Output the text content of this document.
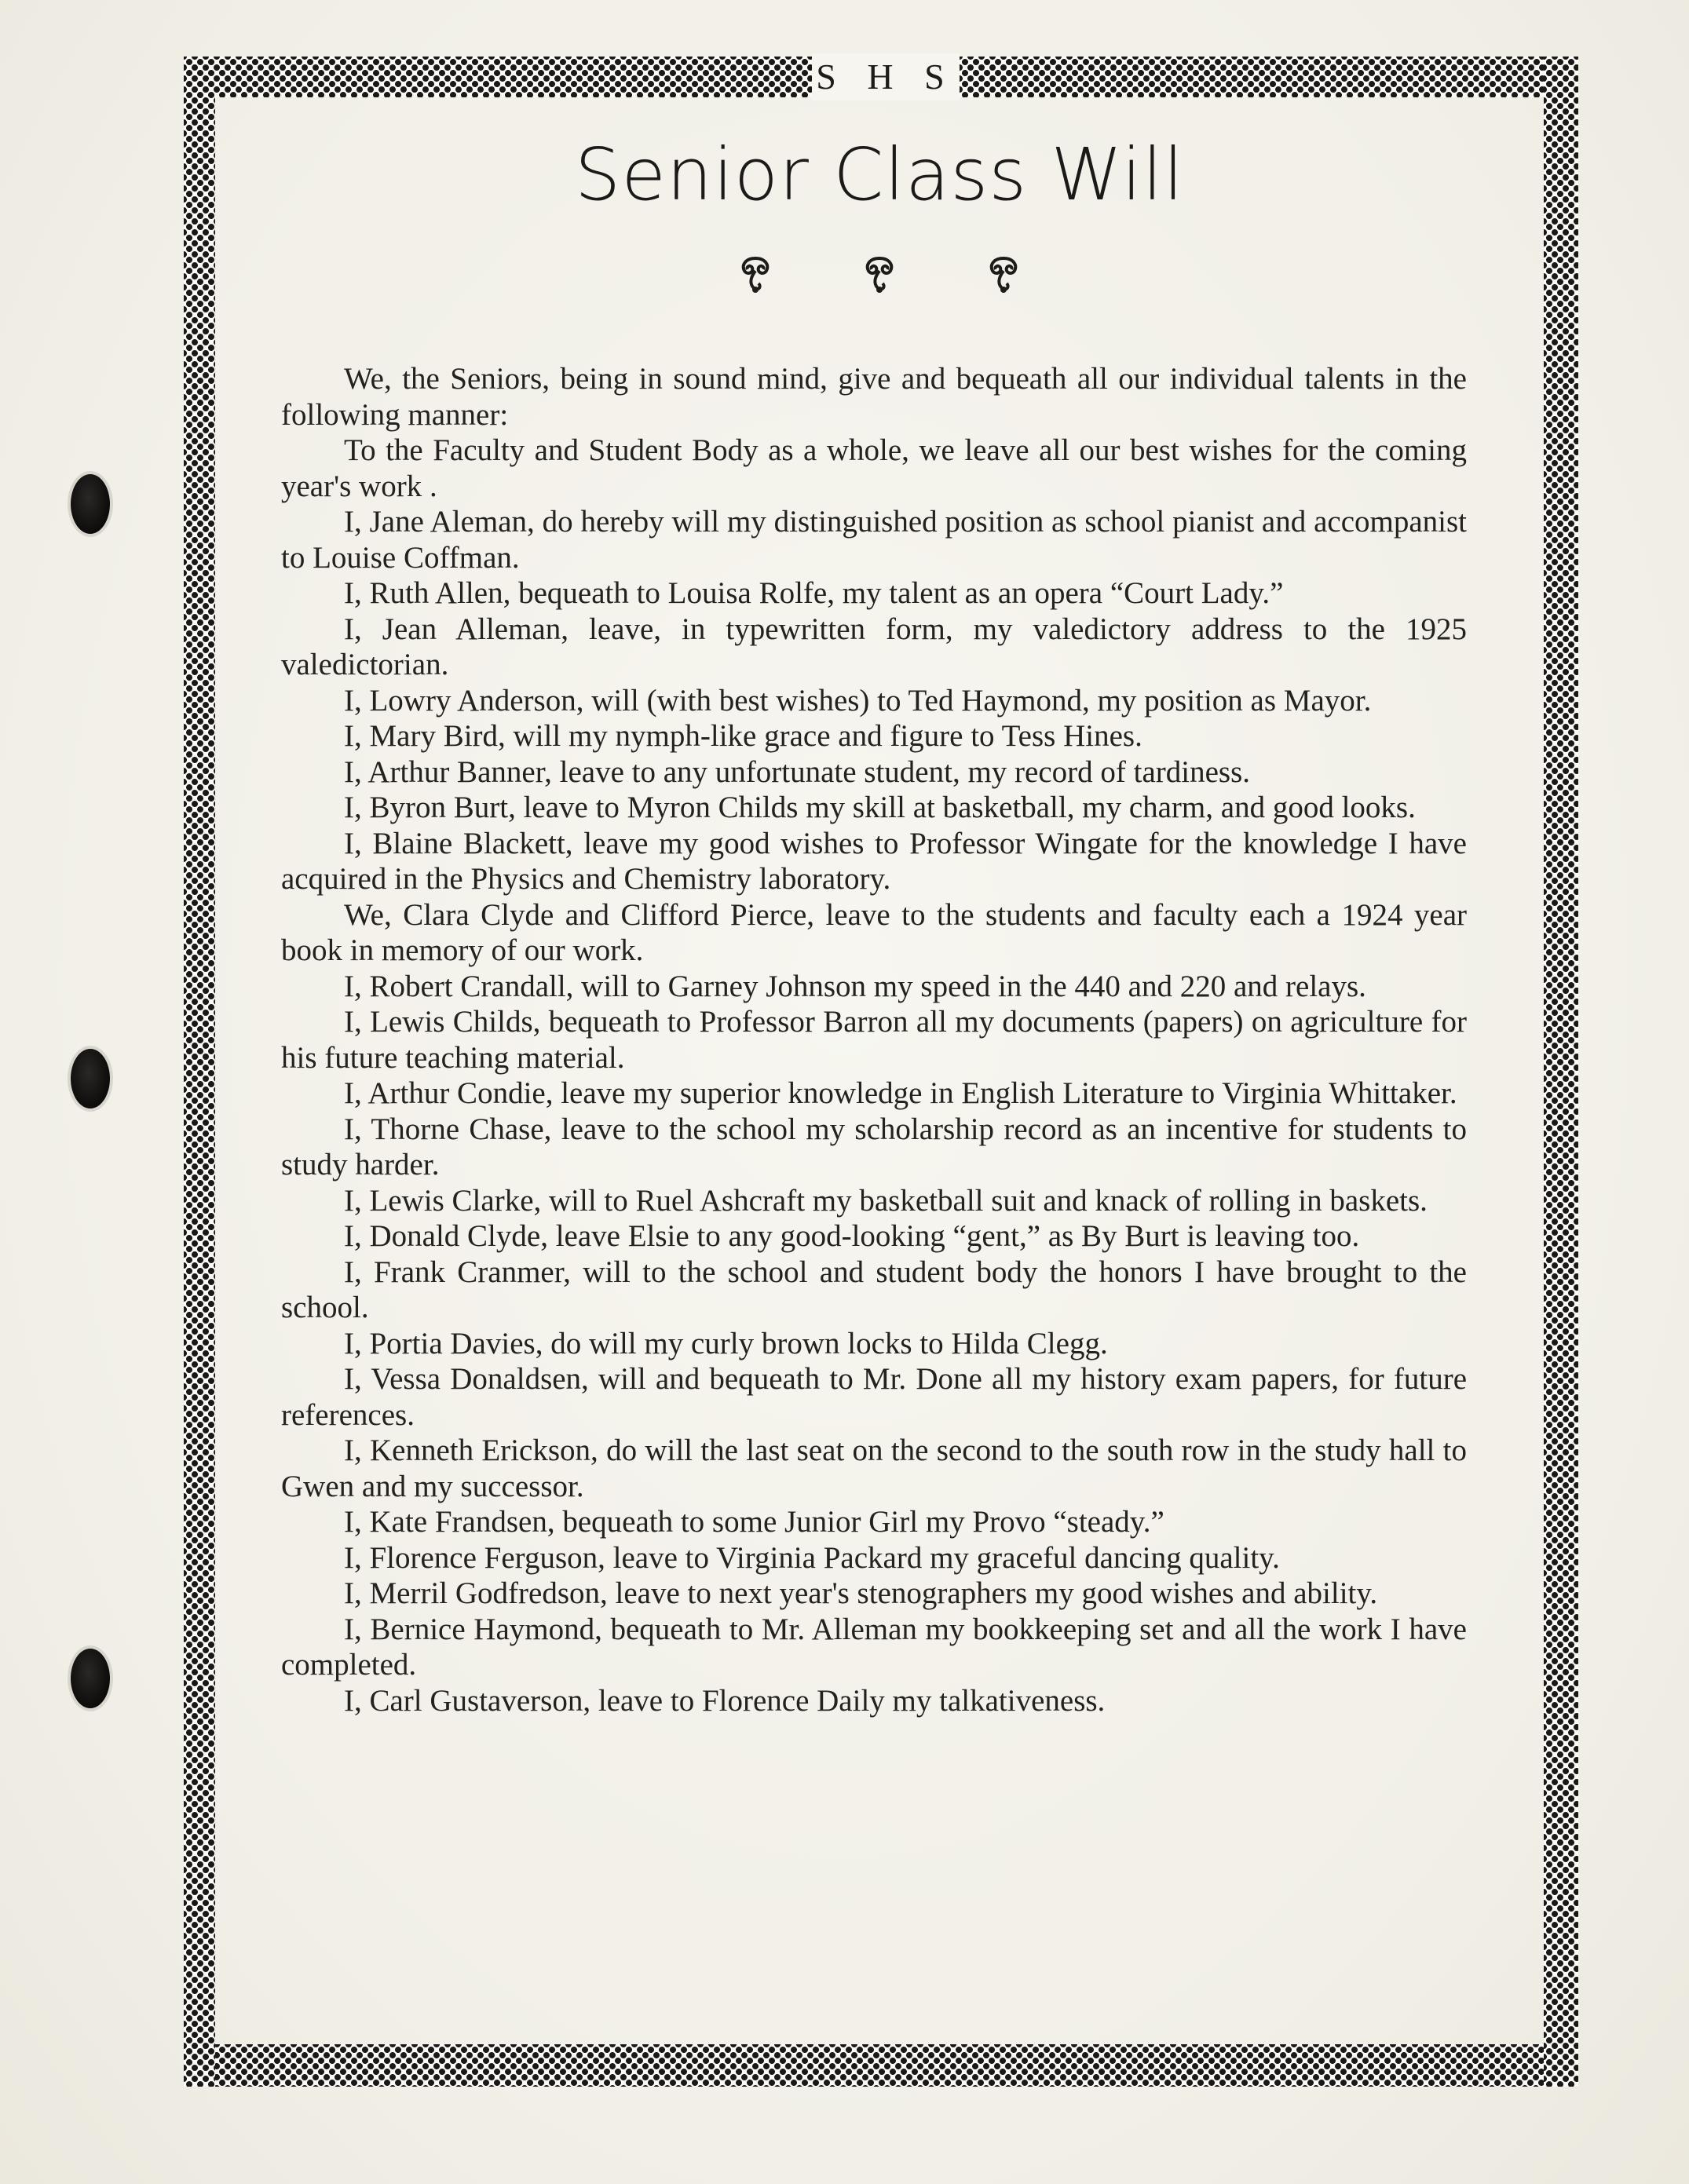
S H S
Senior Class Will

We, the Seniors, being in sound mind, give and bequeath all our individual talents in the following manner:

To the Faculty and Student Body as a whole, we leave all our best wishes for the coming year's work .

I, Jane Aleman, do hereby will my distinguished position as school pianist and accompanist to Louise Coffman.

I, Ruth Allen, bequeath to Louisa Rolfe, my talent as an opera “Court Lady.”

I, Jean Alleman, leave, in typewritten form, my valedictory address to the 1925 valedictorian.

I, Lowry Anderson, will (with best wishes) to Ted Haymond, my position as Mayor.

I, Mary Bird, will my nymph-like grace and figure to Tess Hines.

I, Arthur Banner, leave to any unfortunate student, my record of tardiness.

I, Byron Burt, leave to Myron Childs my skill at basketball, my charm, and good looks.

I, Blaine Blackett, leave my good wishes to Professor Wingate for the knowledge I have acquired in the Physics and Chemistry laboratory.

We, Clara Clyde and Clifford Pierce, leave to the students and faculty each a 1924 year book in memory of our work.

I, Robert Crandall, will to Garney Johnson my speed in the 440 and 220 and relays.

I, Lewis Childs, bequeath to Professor Barron all my documents (papers) on agriculture for his future teaching material.

I, Arthur Condie, leave my superior knowledge in English Literature to Virginia Whittaker.

I, Thorne Chase, leave to the school my scholarship record as an incentive for students to study harder.

I, Lewis Clarke, will to Ruel Ashcraft my basketball suit and knack of rolling in baskets.

I, Donald Clyde, leave Elsie to any good-looking “gent,” as By Burt is leaving too.

I, Frank Cranmer, will to the school and student body the honors I have brought to the school.

I, Portia Davies, do will my curly brown locks to Hilda Clegg.

I, Vessa Donaldsen, will and bequeath to Mr. Done all my history exam papers, for future references.

I, Kenneth Erickson, do will the last seat on the second to the south row in the study hall to Gwen and my successor.

I, Kate Frandsen, bequeath to some Junior Girl my Provo “steady.”

I, Florence Ferguson, leave to Virginia Packard my graceful dancing quality.

I, Merril Godfredson, leave to next year's stenographers my good wishes and ability.

I, Bernice Haymond, bequeath to Mr. Alleman my bookkeeping set and all the work I have completed.

I, Carl Gustaverson, leave to Florence Daily my talkativeness.
